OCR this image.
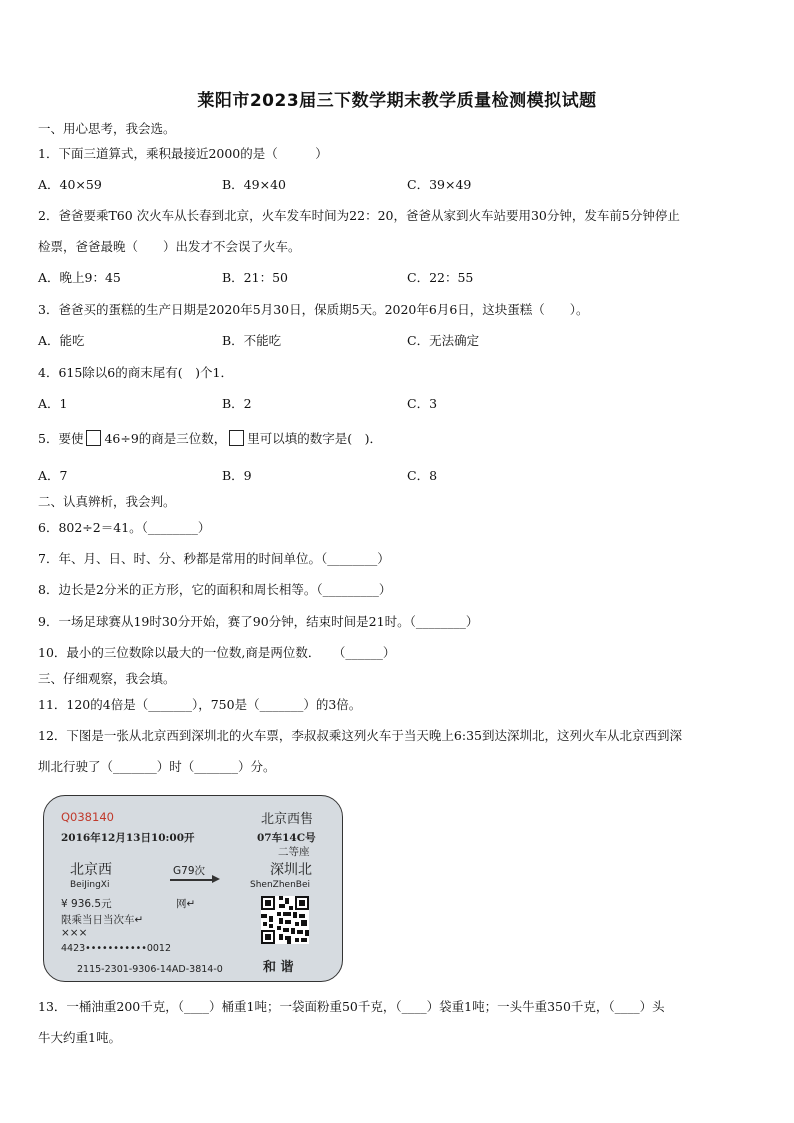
莱阳市2023届三下数学期末教学质量检测模拟试题
一、用心思考，我会选。
1．下面三道算式，乘积最接近2000的是（　　　）
A．40×59	B．49×40	C．39×49
2．爸爸要乘T60 次火车从长春到北京，火车发车时间为22：20，爸爸从家到火车站要用30分钟，发车前5分钟停止
检票，爸爸最晚（　　）出发才不会误了火车。
A．晚上9：45	B．21：50	C．22：55
3．爸爸买的蛋糕的生产日期是2020年5月30日，保质期5天。2020年6月6日，这块蛋糕（　　）。
A．能吃	B．不能吃	C．无法确定
4．615除以6的商末尾有(　)个1．
A．1	B．2	C．3
5．要使 46÷9的商是三位数， 里可以填的数字是(　)．
A．7	B．9	C．8
二、认真辨析，我会判。
6．802÷2＝41。（________）
7．年、月、日、时、分、秒都是常用的时间单位。（________）
8．边长是2分米的正方形，它的面积和周长相等。（_________）
9．一场足球赛从19时30分开始，赛了90分钟，结束时间是21时。（________）
10．最小的三位数除以最大的一位数,商是两位数．　　（______）
三、仔细观察，我会填。
11．120的4倍是（_______），750是（_______）的3倍。
12．下图是一张从北京西到深圳北的火车票，李叔叔乘这列火车于当天晚上6:35到达深圳北，这列火车从北京西到深
圳北行驶了（_______）时（_______）分。
Q038140	北京西售
2016年12月13日10:00开	07车14C号
二等座
北京西
BeiJingXi
G79次	深圳北
ShenZhenBei
¥ 936.5元	网↵
限乘当日当次车↵
×××
4423•••••••••••0012
2115-2301-9306-14AD-3814-0	和 谐
13．一桶油重200千克，（____）桶重1吨；一袋面粉重50千克，（____）袋重1吨；一头牛重350千克，（____）头
牛大约重1吨。
